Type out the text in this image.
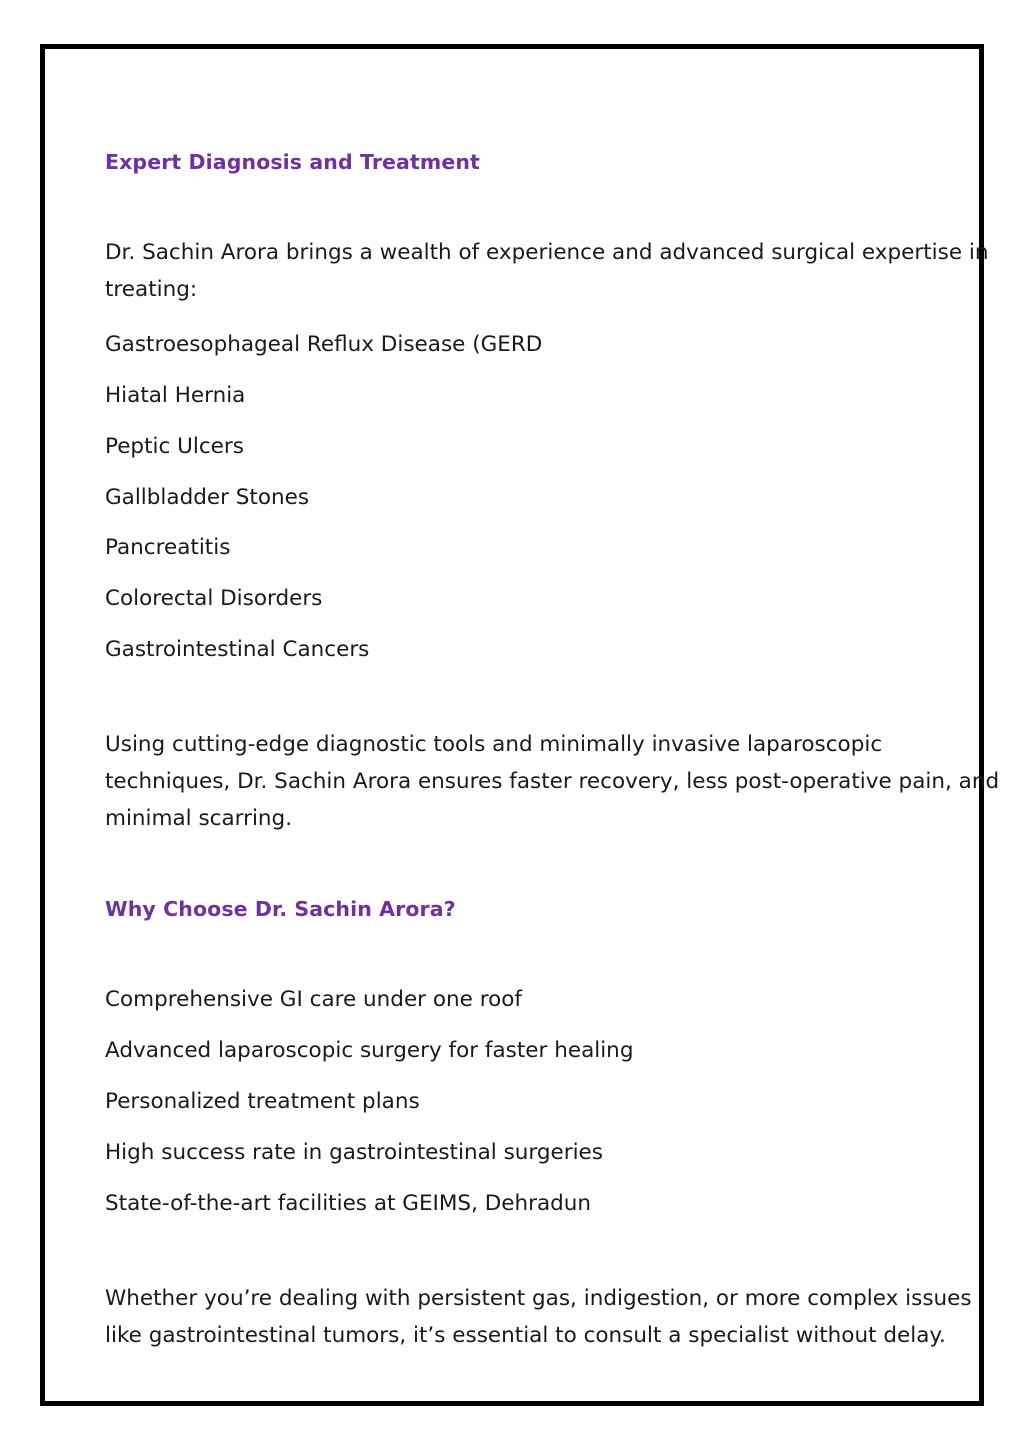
Expert Diagnosis and Treatment

Dr. Sachin Arora brings a wealth of experience and advanced surgical expertise in treating:

Gastroesophageal Reflux Disease (GERD
Hiatal Hernia
Peptic Ulcers
Gallbladder Stones
Pancreatitis
Colorectal Disorders
Gastrointestinal Cancers

Using cutting-edge diagnostic tools and minimally invasive laparoscopic techniques, Dr. Sachin Arora ensures faster recovery, less post-operative pain, and minimal scarring.

Why Choose Dr. Sachin Arora?
Comprehensive GI care under one roof
Advanced laparoscopic surgery for faster healing
Personalized treatment plans
High success rate in gastrointestinal surgeries
State-of-the-art facilities at GEIMS, Dehradun

Whether you’re dealing with persistent gas, indigestion, or more complex issues like gastrointestinal tumors, it’s essential to consult a specialist without delay.
